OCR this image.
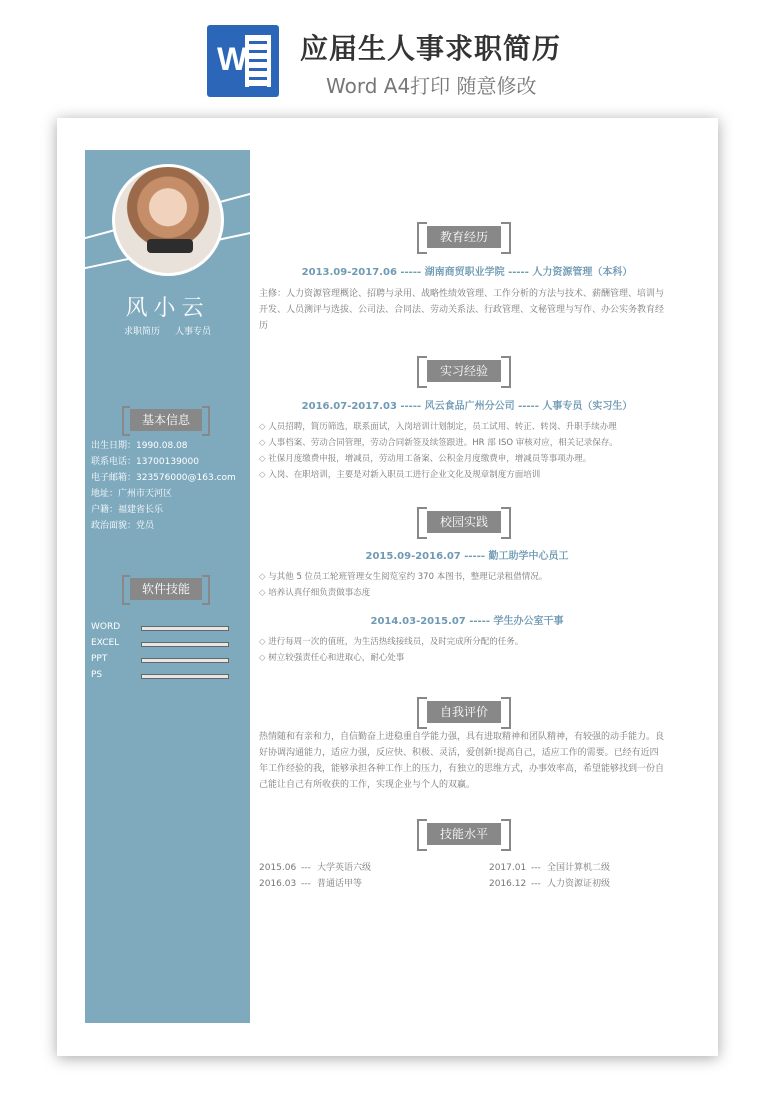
W 应届生人事求职简历
Word A4打印 随意修改
风小云
求职简历 人事专员
基本信息
出生日期：1990.08.08
联系电话：13700139000
电子邮箱：323576000@163.com
地址：广州市天河区
户籍：福建省长乐
政治面貌：党员
软件技能
WORD
EXCEL
PPT
PS
教育经历
2013.09-2017.06 ----- 湖南商贸职业学院 ----- 人力资源管理（本科）
主修：人力资源管理概论、招聘与录用、战略性绩效管理、工作分析的方法与技术、薪酬管理、培训与开发、人员测评与选拔、公司法、合同法、劳动关系法、行政管理、文秘管理与写作、办公实务教育经历
实习经验
2016.07-2017.03 ----- 风云食品广州分公司 ----- 人事专员（实习生）
◇ 人员招聘，简历筛选，联系面试，入岗培训计划制定，员工试用、转正、转岗、升职手续办理
◇ 人事档案、劳动合同管理，劳动合同新签及续签跟进。HR 部 ISO 审核对应，相关记录保存。
◇ 社保月度缴费申报，增减员，劳动用工备案、公积金月度缴费申，增减员等事项办理。
◇ 入岗、在职培训，主要是对新入职员工进行企业文化及规章制度方面培训
校园实践
2015.09-2016.07 ----- 勤工助学中心员工
◇ 与其他 5 位员工轮班管理女生阅览室约 370 本图书，整理记录租借情况。
◇ 培养认真仔细负责做事态度
2014.03-2015.07 ----- 学生办公室干事
◇ 进行每周一次的值班，为生活热线接线员，及时完成所分配的任务。
◇ 树立较强责任心和进取心，耐心处事
自我评价
热情随和有亲和力，自信勤奋上进稳重自学能力强，具有进取精神和团队精神，有较强的动手能力。良好协调沟通能力，适应力强，反应快、积极、灵活，爱创新!提高自己，适应工作的需要。已经有近四年工作经验的我，能够承担各种工作上的压力，有独立的思维方式，办事效率高，希望能够找到一份自己能让自己有所收获的工作，实现企业与个人的双赢。
技能水平
2015.06 --- 大学英语六级
2016.03 --- 普通话甲等
2017.01 --- 全国计算机二级
2016.12 --- 人力资源证初级
